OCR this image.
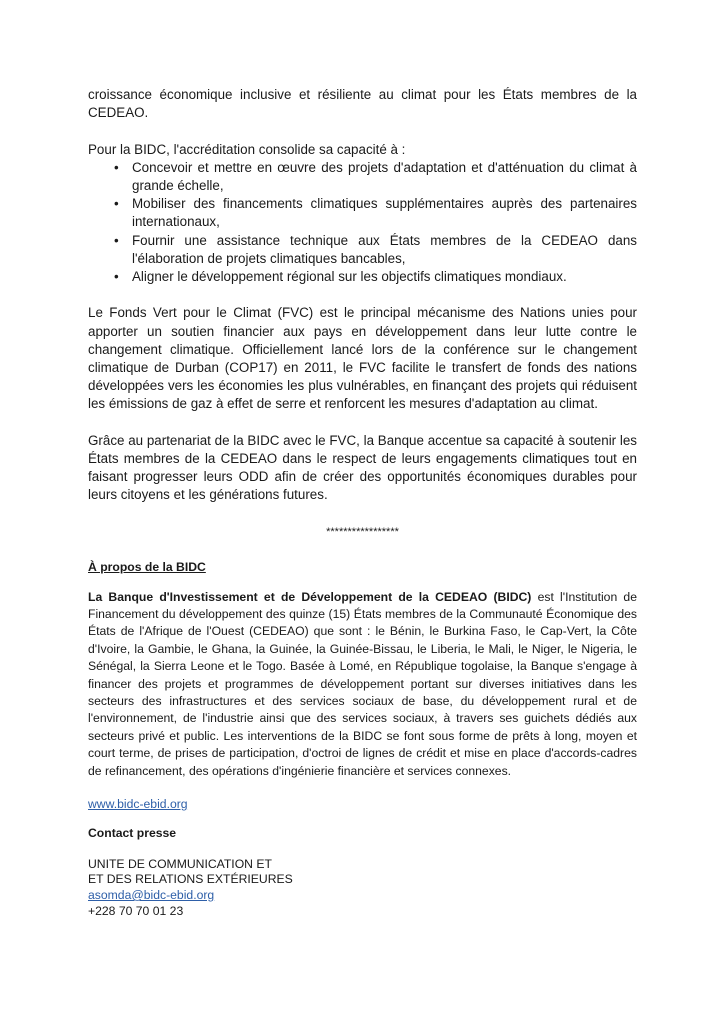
croissance économique inclusive et résiliente au climat pour les États membres de la CEDEAO.

Pour la BIDC, l'accréditation consolide sa capacité à :

• Concevoir et mettre en œuvre des projets d'adaptation et d'atténuation du climat à grande échelle,
• Mobiliser des financements climatiques supplémentaires auprès des partenaires internationaux,
• Fournir une assistance technique aux États membres de la CEDEAO dans l'élaboration de projets climatiques bancables,
• Aligner le développement régional sur les objectifs climatiques mondiaux.

Le Fonds Vert pour le Climat (FVC) est le principal mécanisme des Nations unies pour apporter un soutien financier aux pays en développement dans leur lutte contre le changement climatique. Officiellement lancé lors de la conférence sur le changement climatique de Durban (COP17) en 2011, le FVC facilite le transfert de fonds des nations développées vers les économies les plus vulnérables, en finançant des projets qui réduisent les émissions de gaz à effet de serre et renforcent les mesures d'adaptation au climat.

Grâce au partenariat de la BIDC avec le FVC, la Banque accentue sa capacité à soutenir les États membres de la CEDEAO dans le respect de leurs engagements climatiques tout en faisant progresser leurs ODD afin de créer des opportunités économiques durables pour leurs citoyens et les générations futures.

*****************

À propos de la BIDC

La Banque d'Investissement et de Développement de la CEDEAO (BIDC) est l'Institution de Financement du développement des quinze (15) États membres de la Communauté Économique des États de l'Afrique de l'Ouest (CEDEAO) que sont : le Bénin, le Burkina Faso, le Cap-Vert, la Côte d'Ivoire, la Gambie, le Ghana, la Guinée, la Guinée-Bissau, le Liberia, le Mali, le Niger, le Nigeria, le Sénégal, la Sierra Leone et le Togo. Basée à Lomé, en République togolaise, la Banque s'engage à financer des projets et programmes de développement portant sur diverses initiatives dans les secteurs des infrastructures et des services sociaux de base, du développement rural et de l'environnement, de l'industrie ainsi que des services sociaux, à travers ses guichets dédiés aux secteurs privé et public. Les interventions de la BIDC se font sous forme de prêts à long, moyen et court terme, de prises de participation, d'octroi de lignes de crédit et mise en place d'accords-cadres de refinancement, des opérations d'ingénierie financière et services connexes.

www.bidc-ebid.org

Contact presse

UNITE DE COMMUNICATION ET
ET DES RELATIONS EXTÉRIEURES
asomda@bidc-ebid.org
+228 70 70 01 23
